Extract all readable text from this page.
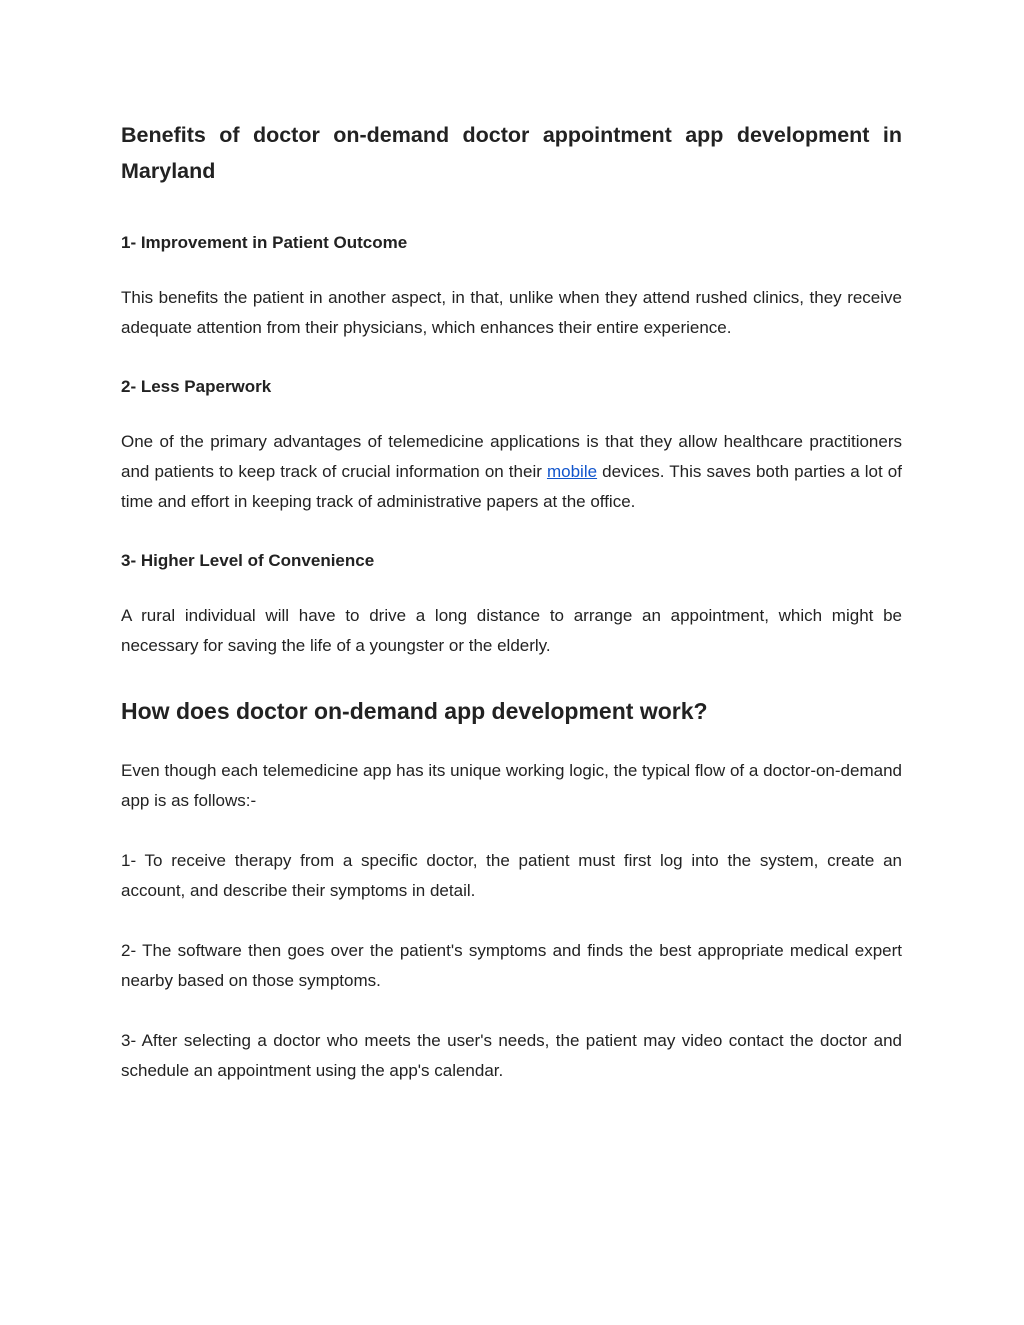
Benefits of doctor on-demand doctor appointment app development in Maryland
1- Improvement in Patient Outcome

This benefits the patient in another aspect, in that, unlike when they attend rushed clinics, they receive adequate attention from their physicians, which enhances their entire experience.

2- Less Paperwork

One of the primary advantages of telemedicine applications is that they allow healthcare practitioners and patients to keep track of crucial information on their mobile devices. This saves both parties a lot of time and effort in keeping track of administrative papers at the office.

3- Higher Level of Convenience

A rural individual will have to drive a long distance to arrange an appointment, which might be necessary for saving the life of a youngster or the elderly.

How does doctor on-demand app development work?

Even though each telemedicine app has its unique working logic, the typical flow of a doctor-on-demand app is as follows:-

1- To receive therapy from a specific doctor, the patient must first log into the system, create an account, and describe their symptoms in detail.

2- The software then goes over the patient's symptoms and finds the best appropriate medical expert nearby based on those symptoms.

3- After selecting a doctor who meets the user's needs, the patient may video contact the doctor and schedule an appointment using the app's calendar.
